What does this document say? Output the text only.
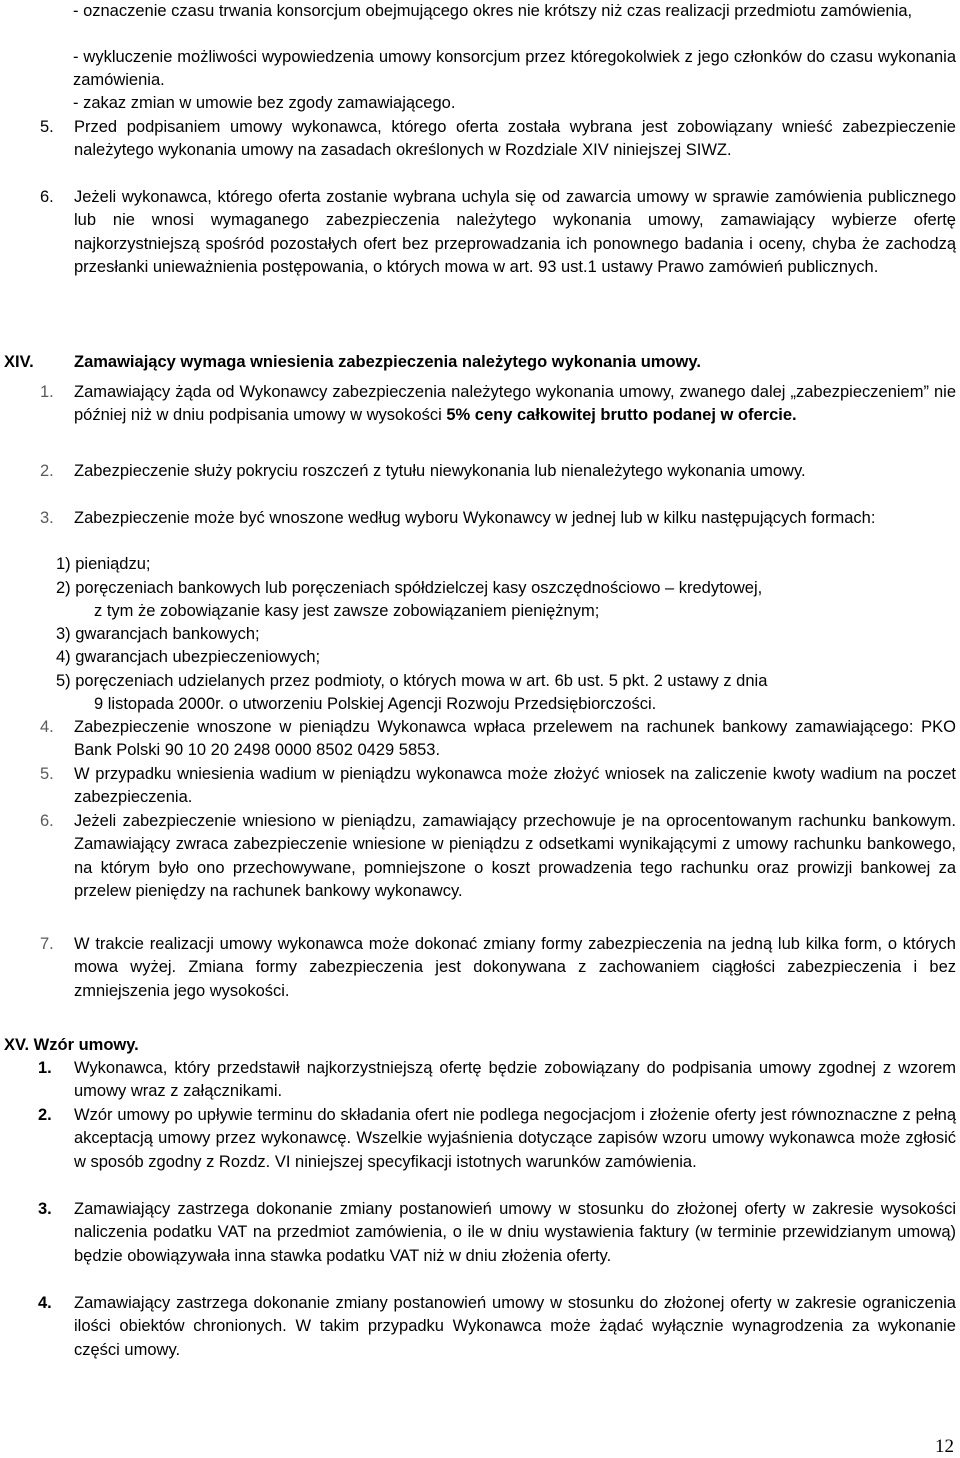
- oznaczenie czasu trwania konsorcjum obejmującego okres nie krótszy niż czas realizacji przedmiotu zamówienia,
- wykluczenie możliwości wypowiedzenia umowy konsorcjum przez któregokolwiek z jego członków do czasu wykonania zamówienia.
- zakaz zmian w umowie bez zgody zamawiającego.
5. Przed podpisaniem umowy wykonawca, którego oferta została wybrana jest zobowiązany wnieść zabezpieczenie należytego wykonania umowy na zasadach określonych w Rozdziale XIV niniejszej SIWZ.
6. Jeżeli wykonawca, którego oferta zostanie wybrana uchyla się od zawarcia umowy w sprawie zamówienia publicznego lub nie wnosi wymaganego zabezpieczenia należytego wykonania umowy, zamawiający wybierze ofertę najkorzystniejszą spośród pozostałych ofert bez przeprowadzania ich ponownego badania i oceny, chyba że zachodzą przesłanki unieważnienia postępowania, o których mowa w art. 93 ust.1 ustawy Prawo zamówień publicznych.
XIV. Zamawiający wymaga wniesienia zabezpieczenia należytego wykonania umowy.
1. Zamawiający żąda od Wykonawcy zabezpieczenia należytego wykonania umowy, zwanego dalej „zabezpieczeniem” nie później niż w dniu podpisania umowy w wysokości 5% ceny całkowitej brutto podanej w ofercie.
2. Zabezpieczenie służy pokryciu roszczeń z tytułu niewykonania lub nienależytego wykonania umowy.
3. Zabezpieczenie może być wnoszone według wyboru Wykonawcy w jednej lub w kilku następujących formach:
1) pieniądzu;
2) poręczeniach bankowych lub poręczeniach spółdzielczej kasy oszczędnościowo – kredytowej,
z tym że zobowiązanie kasy jest zawsze zobowiązaniem pieniężnym;
3) gwarancjach bankowych;
4) gwarancjach ubezpieczeniowych;
5) poręczeniach udzielanych przez podmioty, o których mowa w art. 6b ust. 5 pkt. 2 ustawy z dnia
9 listopada 2000r. o utworzeniu Polskiej Agencji Rozwoju Przedsiębiorczości.
4. Zabezpieczenie wnoszone w pieniądzu Wykonawca wpłaca przelewem na rachunek bankowy zamawiającego: PKO Bank Polski 90 10 20 2498 0000 8502 0429 5853.
5. W przypadku wniesienia wadium w pieniądzu wykonawca może złożyć wniosek na zaliczenie kwoty wadium na poczet zabezpieczenia.
6. Jeżeli zabezpieczenie wniesiono w pieniądzu, zamawiający przechowuje je na oprocentowanym rachunku bankowym. Zamawiający zwraca zabezpieczenie wniesione w pieniądzu z odsetkami wynikającymi z umowy rachunku bankowego, na którym było ono przechowywane, pomniejszone o koszt prowadzenia tego rachunku oraz prowizji bankowej za przelew pieniędzy na rachunek bankowy wykonawcy.
7. W trakcie realizacji umowy wykonawca może dokonać zmiany formy zabezpieczenia na jedną lub kilka form, o których mowa wyżej. Zmiana formy zabezpieczenia jest dokonywana z zachowaniem ciągłości zabezpieczenia i bez zmniejszenia jego wysokości.
XV. Wzór umowy.
1. Wykonawca, który przedstawił najkorzystniejszą ofertę będzie zobowiązany do podpisania umowy zgodnej z wzorem umowy wraz z załącznikami.
2. Wzór umowy po upływie terminu do składania ofert nie podlega negocjacjom i złożenie oferty jest równoznaczne z pełną akceptacją umowy przez wykonawcę. Wszelkie wyjaśnienia dotyczące zapisów wzoru umowy wykonawca może zgłosić w sposób zgodny z Rozdz. VI niniejszej specyfikacji istotnych warunków zamówienia.
3. Zamawiający zastrzega dokonanie zmiany postanowień umowy w stosunku do złożonej oferty w zakresie wysokości naliczenia podatku VAT na przedmiot zamówienia, o ile w dniu wystawienia faktury (w terminie przewidzianym umową) będzie obowiązywała inna stawka podatku VAT niż w dniu złożenia oferty.
4. Zamawiający zastrzega dokonanie zmiany postanowień umowy w stosunku do złożonej oferty w zakresie ograniczenia ilości obiektów chronionych. W takim przypadku Wykonawca może żądać wyłącznie wynagrodzenia za wykonanie części umowy.
12
